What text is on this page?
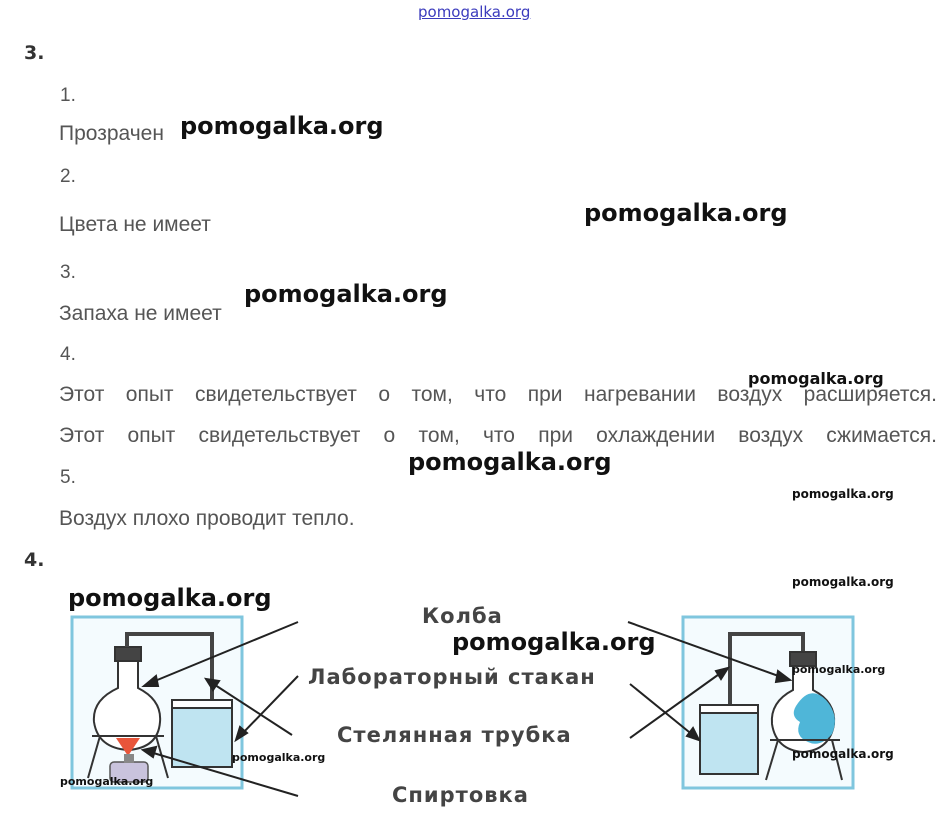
pomogalka.org
3.
1.
Прозрачен
2.
Цвета не имеет
3.
Запаха не имеет
4.
Этот опыт свидетельствует о том, что при нагревании воздух расширяется.
Этот опыт свидетельствует о том, что при охлаждении воздух сжимается.
5.
Воздух плохо проводит тепло.
4.
Колба
Лабораторный стакан
Стелянная трубка
Спиртовка
pomogalka.org
pomogalka.org
pomogalka.org
pomogalka.org
pomogalka.org
pomogalka.org
pomogalka.org
pomogalka.org
pomogalka.org
pomogalka.org
pomogalka.org	pomogalka.org
pomogalka.org
